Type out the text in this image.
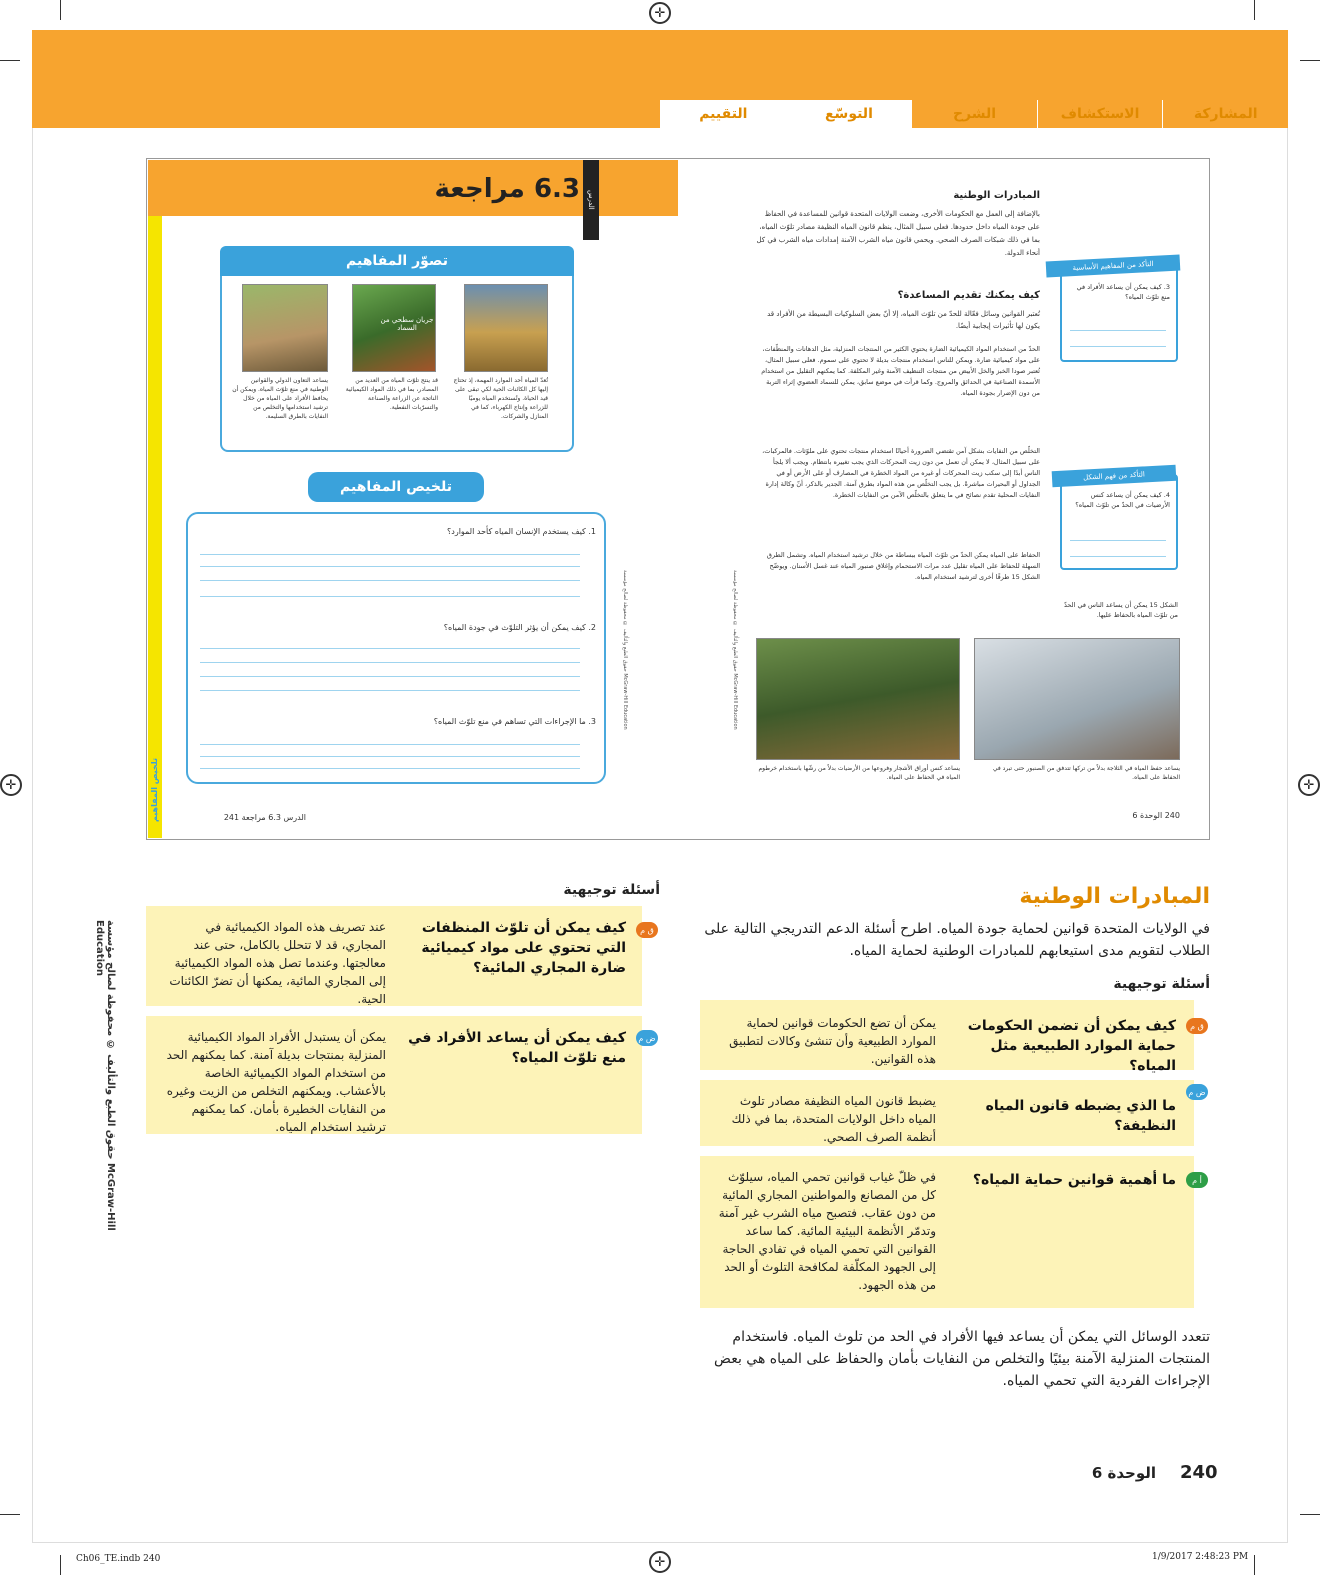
✛
✛
✛	✛
المشاركة
الاستكشاف
الشرح
التوسّع
التقييم
6.3 مراجعة	الدرس
تلخيص المفاهيم
تصوّر المفاهيم
جريان سطحي من السماد
تُعدّ المياه أحد الموارد المهمة، إذ تحتاج إليها كل الكائنات الحية لكي تبقى على قيد الحياة. وتُستخدم المياه يوميًا للزراعة وإنتاج الكهرباء، كما في المنازل والشركات.
قد ينتج تلوّث المياه من العديد من المصادر، بما في ذلك المواد الكيميائية الناتجة عن الزراعة والصناعة والتسرّبات النفطية.
يساعد التعاون الدولي والقوانين الوطنية في منع تلوّث المياه. ويمكن أن يحافظ الأفراد على المياه من خلال ترشيد استخدامها والتخلص من النفايات بالطرق السليمة.
تلخيص المفاهيم
1. كيف يستخدم الإنسان المياه كأحد الموارد؟
2. كيف يمكن أن يؤثر التلوّث في جودة المياه؟
3. ما الإجراءات التي تساهم في منع تلوّث المياه؟
حقوق الطبع والتأليف © محفوظة لصالح مؤسسة McGraw-Hill Education
حقوق الطبع والتأليف © محفوظة لصالح مؤسسة McGraw-Hill Education
الدرس 6.3 مراجعة 241
المبادرات الوطنية
بالإضافة إلى العمل مع الحكومات الأخرى، وضعت الولايات المتحدة قوانين للمساعدة في الحفاظ على جودة المياه داخل حدودها. فعلى سبيل المثال، ينظم قانون المياه النظيفة مصادر تلوّث المياه، بما في ذلك شبكات الصرف الصحي. ويحمي قانون مياه الشرب الآمنة إمدادات مياه الشرب في كل أنحاء الدولة.
كيف يمكنك تقديم المساعدة؟
تُعتبر القوانين وسائل فعّالة للحدّ من تلوّث المياه، إلا أنّ بعض السلوكيات البسيطة من الأفراد قد يكون لها تأثيرات إيجابية أيضًا.
الحدّ من استخدام المواد الكيميائية الضارة يحتوي الكثير من المنتجات المنزلية، مثل الدهانات والمنظّفات، على مواد كيميائية ضارة. ويمكن للناس استخدام منتجات بديلة لا تحتوي على سموم. فعلى سبيل المثال، تُعتبر صودا الخبز والخل الأبيض من منتجات التنظيف الآمنة وغير المكلفة. كما يمكنهم التقليل من استخدام الأسمدة الصناعية في الحدائق والمروج. وكما قرأت في موضع سابق، يمكن للسماد العضوي إثراء التربة من دون الإضرار بجودة المياه.
التخلّص من النفايات بشكل آمن تقتضي الضرورة أحيانًا استخدام منتجات تحتوي على ملوّثات. فالمركبات، على سبيل المثال، لا يمكن أن تعمل من دون زيت المحركات الذي يجب تغييره بانتظام. ويجب ألا يلجأ الناس أبدًا إلى سكب زيت المحركات أو غيره من المواد الخطرة في المصارف أو على الأرض أو في الجداول أو البحيرات مباشرةً. بل يجب التخلّص من هذه المواد بطرق آمنة. الجدير بالذكر، أنّ وكالة إدارة النفايات المحلية تقدم نصائح في ما يتعلق بالتخلّص الآمن من النفايات الخطرة.
الحفاظ على المياه يمكن الحدّ من تلوّث المياه ببساطة من خلال ترشيد استخدام المياه. وتشمل الطرق السهلة للحفاظ على المياه تقليل عدد مرات الاستحمام وإغلاق صنبور المياه عند غسل الأسنان. ويوضّح الشكل 15 طرقًا أخرى لترشيد استخدام المياه.
التأكد من المفاهيم الأساسية
3. كيف يمكن أن يساعد الأفراد في منع تلوّث المياه؟
التأكد من فهم الشكل
4. كيف يمكن أن يساعد كنس الأرضيات في الحدّ من تلوّث المياه؟
الشكل 15 يمكن أن يساعد الناس في الحدّ من تلوّث المياه بالحفاظ عليها.
يساعد حفظ المياه في الثلاجة بدلاً من تركها تتدفق من الصنبور حتى تبرد في الحفاظ على المياه.
يساعد كنس أوراق الأشجار وفروعها من الأرضيات بدلاً من رشّها باستخدام خرطوم المياه في الحفاظ على المياه.
240 الوحدة 6
المبادرات الوطنية
في الولايات المتحدة قوانين لحماية جودة المياه. اطرح أسئلة الدعم التدريجي التالية على الطلاب لتقويم مدى استيعابهم للمبادرات الوطنية لحماية المياه.
أسئلة توجيهية
ق م
كيف يمكن أن تضمن الحكومات حماية الموارد الطبيعية مثل المياه؟
يمكن أن تضع الحكومات قوانين لحماية الموارد الطبيعية وأن تنشئ وكالات لتطبيق هذه القوانين.
ض م
ما الذي يضبطه قانون المياه النظيفة؟
يضبط قانون المياه النظيفة مصادر تلوث المياه داخل الولايات المتحدة، بما في ذلك أنظمة الصرف الصحي.
أ م
ما أهمية قوانين حماية المياه؟
في ظلّ غياب قوانين تحمي المياه، سيلوّث كل من المصانع والمواطنين المجاري المائية من دون عقاب. فتصبح مياه الشرب غير آمنة وتدمّر الأنظمة البيئية المائية. كما ساعد القوانين التي تحمي المياه في تفادي الحاجة إلى الجهود المكلّفة لمكافحة التلوث أو الحد من هذه الجهود.
تتعدد الوسائل التي يمكن أن يساعد فيها الأفراد في الحد من تلوث المياه. فاستخدام المنتجات المنزلية الآمنة بيئيًا والتخلص من النفايات بأمان والحفاظ على المياه هي بعض الإجراءات الفردية التي تحمي المياه.
أسئلة توجيهية
ق م
كيف يمكن أن تلوّث المنظفات التي تحتوي على مواد كيميائية ضارة المجاري المائية؟
عند تصريف هذه المواد الكيميائية في المجاري، قد لا تتحلل بالكامل، حتى عند معالجتها. وعندما تصل هذه المواد الكيميائية إلى المجاري المائية، يمكنها أن تضرّ الكائنات الحية.
ض م
كيف يمكن أن يساعد الأفراد في منع تلوّث المياه؟
يمكن أن يستبدل الأفراد المواد الكيميائية المنزلية بمنتجات بديلة آمنة. كما يمكنهم الحد من استخدام المواد الكيميائية الخاصة بالأعشاب. ويمكنهم التخلص من الزيت وغيره من النفايات الخطيرة بأمان. كما يمكنهم ترشيد استخدام المياه.
حقوق الطبع والتأليف © محفوظة لصالح مؤسسة McGraw-Hill Education
240
الوحدة 6
Ch06_TE.indb 240	1/9/2017 2:48:23 PM
